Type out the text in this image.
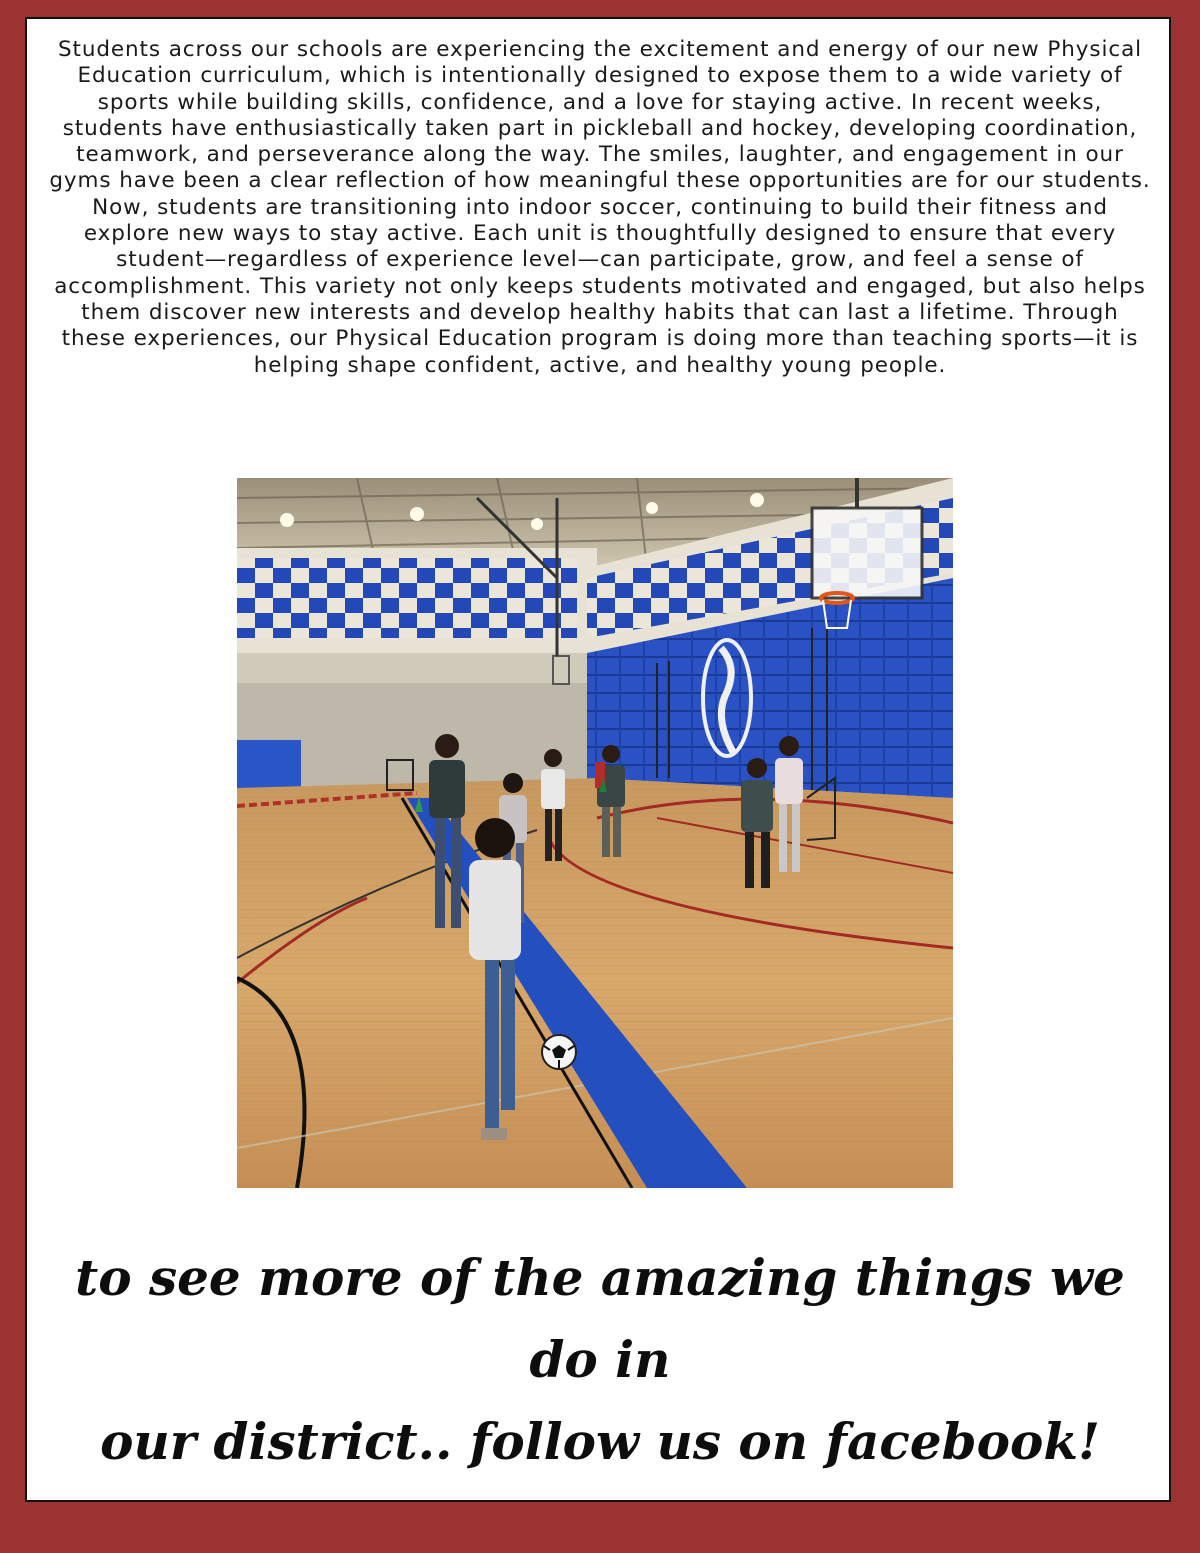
Students across our schools are experiencing the excitement and energy of our new Physical Education curriculum, which is intentionally designed to expose them to a wide variety of sports while building skills, confidence, and a love for staying active. In recent weeks, students have enthusiastically taken part in pickleball and hockey, developing coordination, teamwork, and perseverance along the way. The smiles, laughter, and engagement in our gyms have been a clear reflection of how meaningful these opportunities are for our students. Now, students are transitioning into indoor soccer, continuing to build their fitness and explore new ways to stay active. Each unit is thoughtfully designed to ensure that every student—regardless of experience level—can participate, grow, and feel a sense of accomplishment. This variety not only keeps students motivated and engaged, but also helps them discover new interests and develop healthy habits that can last a lifetime. Through these experiences, our Physical Education program is doing more than teaching sports—it is helping shape confident, active, and healthy young people.

to see more of the amazing things we do in
our district.. follow us on facebook!
